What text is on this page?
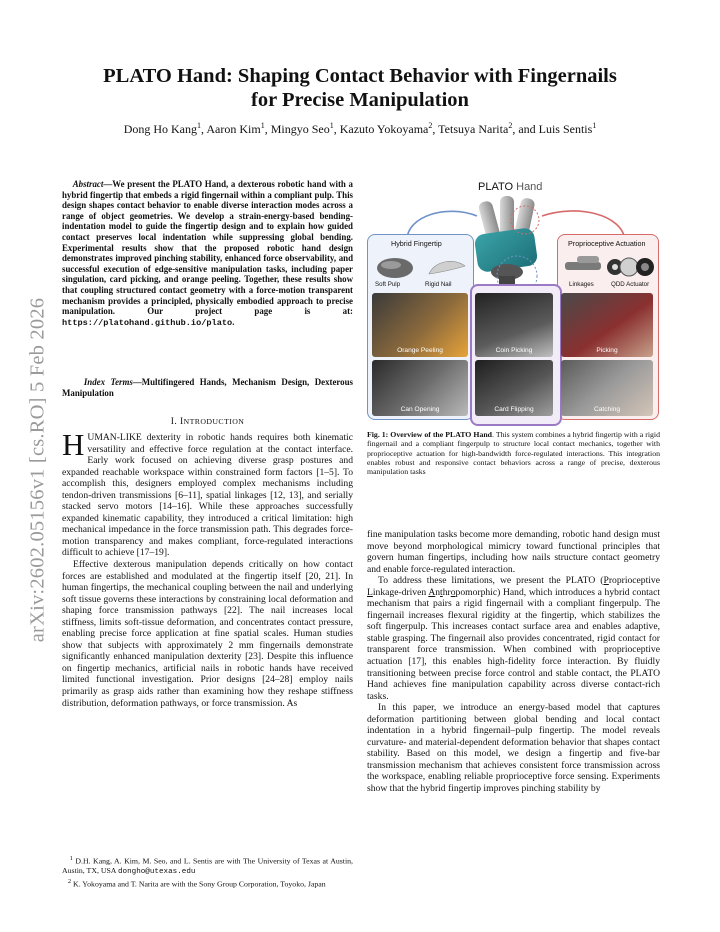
arXiv:2602.05156v1 [cs.RO] 5 Feb 2026
PLATO Hand: Shaping Contact Behavior with Fingernails
for Precise Manipulation
Dong Ho Kang$^1$, Aaron Kim$^1$, Mingyo Seo$^1$, Kazuto Yokoyama$^2$, Tetsuya Narita$^2$, and Luis Sentis$^1$

Abstract—We present the PLATO Hand, a dexterous robotic hand with a hybrid fingertip that embeds a rigid fingernail within a compliant pulp. This design shapes contact behavior to enable diverse interaction modes across a range of object geometries. We develop a strain-energy-based bending-indentation model to guide the fingertip design and to explain how guided contact preserves local indentation while suppressing global bending. Experimental results show that the proposed robotic hand design demonstrates improved pinching stability, enhanced force observability, and successful execution of edge-sensitive manipulation tasks, including paper singulation, card picking, and orange peeling. Together, these results show that coupling structured contact geometry with a force-motion transparent mechanism provides a principled, physically embodied approach to precise manipulation. Our project page is at: https://platohand.github.io/plato.

Index Terms—Multifingered Hands, Mechanism Design, Dexterous Manipulation

I. INTRODUCTION

HUMAN-LIKE dexterity in robotic hands requires both kinematic versatility and effective force regulation at the contact interface. Early work focused on achieving diverse grasp postures and expanded reachable workspace within constrained form factors [1–5]. To accomplish this, designers employed complex mechanisms including tendon-driven transmissions [6–11], spatial linkages [12, 13], and serially stacked servo motors [14–16]. While these approaches successfully expanded kinematic capability, they introduced a critical limitation: high mechanical impedance in the force transmission path. This degrades force-motion transparency and makes compliant, force-regulated interactions difficult to achieve [17–19].

Effective dexterous manipulation depends critically on how contact forces are established and modulated at the fingertip itself [20, 21]. In human fingertips, the mechanical coupling between the nail and underlying soft tissue governs these interactions by constraining local deformation and shaping force transmission pathways [22]. The nail increases local stiffness, limits soft-tissue deformation, and concentrates contact pressure, enabling precise force application at fine spatial scales. Human studies show that subjects with approximately 2 mm fingernails demonstrate significantly enhanced manipulation dexterity [23]. Despite this influence on fingertip mechanics, artificial nails in robotic hands have received limited functional investigation. Prior designs [24–28] employ nails primarily as grasp aids rather than examining how they reshape stiffness distribution, deformation pathways, or force transmission. As

$^1$ D.H. Kang, A. Kim, M. Seo, and L. Sentis are with The University of Texas at Austin, Austin, TX, USA dongho@utexas.edu
$^2$ K. Yokoyama and T. Narita are with the Sony Group Corporation, Toyoko, Japan
PLATO Hand
Hybrid Fingertip	Proprioceptive Actuation
Soft Pulp	Rigid Nail	Linkages	QDD Actuator
Orange Peeling	Coin Picking	Picking
Can Opening	Card Flipping	Catching
Fig. 1: Overview of the PLATO Hand. This system combines a hybrid fingertip with a rigid fingernail and a compliant fingerpulp to structure local contact mechanics, together with proprioceptive actuation for high-bandwidth force-regulated interactions. This integration enables robust and responsive contact behaviors across a range of precise, dexterous manipulation tasks

fine manipulation tasks become more demanding, robotic hand design must move beyond morphological mimicry toward functional principles that govern human fingertips, including how nails structure contact geometry and enable force-regulated interaction.

To address these limitations, we present the PLATO (Proprioceptive Linkage-driven Anthropomorphic) Hand, which introduces a hybrid contact mechanism that pairs a rigid fingernail with a compliant fingerpulp. The fingernail increases flexural rigidity at the fingertip, which stabilizes the soft fingerpulp. This increases contact surface area and enables adaptive, stable grasping. The fingernail also provides concentrated, rigid contact for transparent force transmission. When combined with proprioceptive actuation [17], this enables high-fidelity force interaction. By fluidly transitioning between precise force control and stable contact, the PLATO Hand achieves fine manipulation capability across diverse contact-rich tasks.

In this paper, we introduce an energy-based model that captures deformation partitioning between global bending and local contact indentation in a hybrid fingernail–pulp fingertip. The model reveals curvature- and material-dependent deformation behavior that shapes contact stability. Based on this model, we design a fingertip and five-bar transmission mechanism that achieves consistent force transmission across the workspace, enabling reliable proprioceptive force sensing. Experiments show that the hybrid fingertip improves pinching stability by
